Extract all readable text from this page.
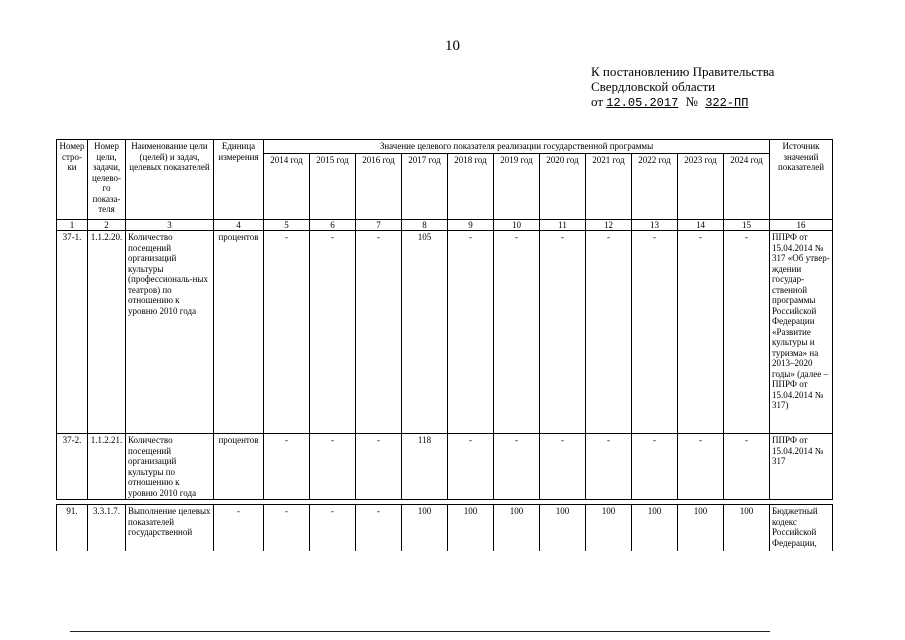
10
К постановлению Правительства
Свердловской области
от 12.05.2017 № 322-ПП
Номер стро-ки	Номер цели, задачи, целево-го показа-теля	Наименование цели (целей) и задач, целевых показателей	Единица измерения	Значение целевого показателя реализации государственной программы											Источник значений показателей
				2014 год	2015 год	2016 год	2017 год	2018 год	2019 год	2020 год	2021 год	2022 год	2023 год	2024 год	
1	2	3	4	5	6	7	8	9	10	11	12	13	14	15	16
37-1.	1.1.2.20.	Количество посещений организаций культуры (профессиональ-ных театров) по отношению к уровню 2010 года	процентов	-	-	-	105	-	-	-	-	-	-	-	ППРФ от 15.04.2014 № 317 «Об утвер-ждении государ-ственной программы Российской Федерации «Развитие культуры и туризма» на 2013–2020 годы» (далее – ППРФ от 15.04.2014 № 317)
37-2.	1.1.2.21.	Количество посещений организаций культуры по отношению к уровню 2010 года	процентов	-	-	-	118	-	-	-	-	-	-	-	ППРФ от 15.04.2014 № 317

91.	3.3.1.7.	Выполнение целевых показателей государственной	-	-	-	-	100	100	100	100	100	100	100	100	Бюджетный кодекс Российской Федерации,
